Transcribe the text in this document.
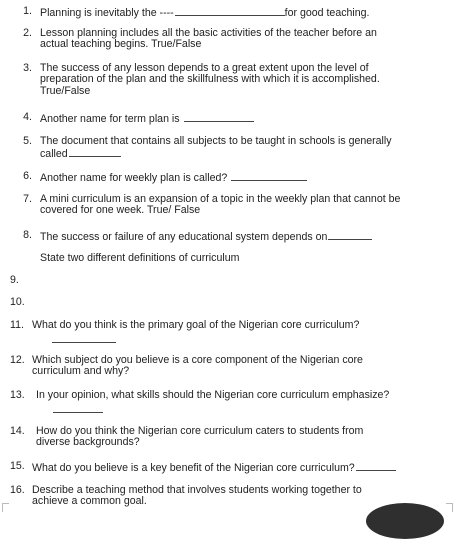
1. Planning is inevitably the ----	for good teaching.
2. Lesson planning includes all the basic activities of the teacher before an
actual teaching begins. True/False
3. The success of any lesson depends to a great extent upon the level of
preparation of the plan and the skillfulness with which it is accomplished.
True/False
4. Another name for term plan is
5. The document that contains all subjects to be taught in schools is generally
called
6. Another name for weekly plan is called?
7. A mini curriculum is an expansion of a topic in the weekly plan that cannot be
covered for one week. True/ False
8. The success or failure of any educational system depends on
State two different definitions of curriculum
9.
10.
11. What do you think is the primary goal of the Nigerian core curriculum?
12. Which subject do you believe is a core component of the Nigerian core
curriculum and why?
13.	In your opinion, what skills should the Nigerian core curriculum emphasize?
14.	How do you think the Nigerian core curriculum caters to students from
diverse backgrounds?
15. What do you believe is a key benefit of the Nigerian core curriculum?
16. Describe a teaching method that involves students working together to
achieve a common goal.
